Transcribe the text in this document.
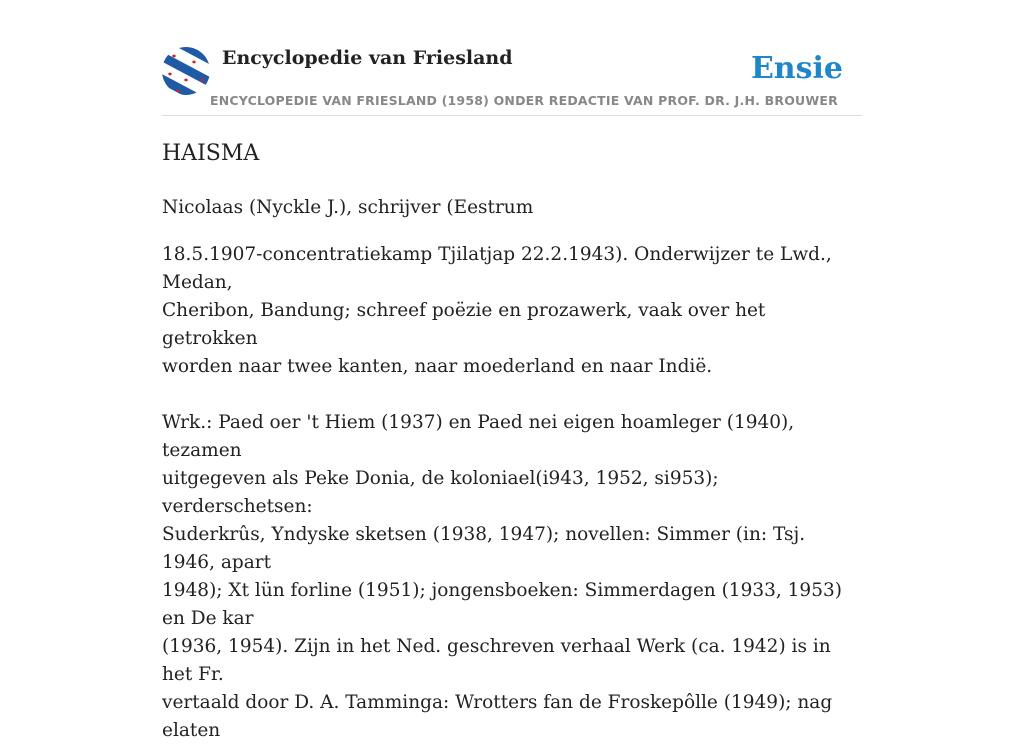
Encyclopedie van Friesland	Ensie
ENCYCLOPEDIE VAN FRIESLAND (1958) ONDER REDACTIE VAN PROF. DR. J.H. BROUWER
HAISMA

Nicolaas (Nyckle J.), schrijver (Eestrum

18.5.1907-concentratiekamp Tjilatjap 22.2.1943). Onderwijzer te Lwd., Medan,
Cheribon, Bandung; schreef poëzie en prozawerk, vaak over het getrokken
worden naar twee kanten, naar moederland en naar Indië.

Wrk.: Paed oer 't Hiem (1937) en Paed nei eigen hoamleger (1940), tezamen
uitgegeven als Peke Donia, de koloniael(i943, 1952, si953); verderschetsen:
Suderkrûs, Yndyske sketsen (1938, 1947); novellen: Simmer (in: Tsj. 1946, apart
1948); Xt lün forline (1951); jongensboeken: Simmerdagen (1933, 1953) en De kar
(1936, 1954). Zijn in het Ned. geschreven verhaal Werk (ca. 1942) is in het Fr.
vertaald door D. A. Tamminga: Wrotters fan de Froskepôlle (1949); nag elaten
